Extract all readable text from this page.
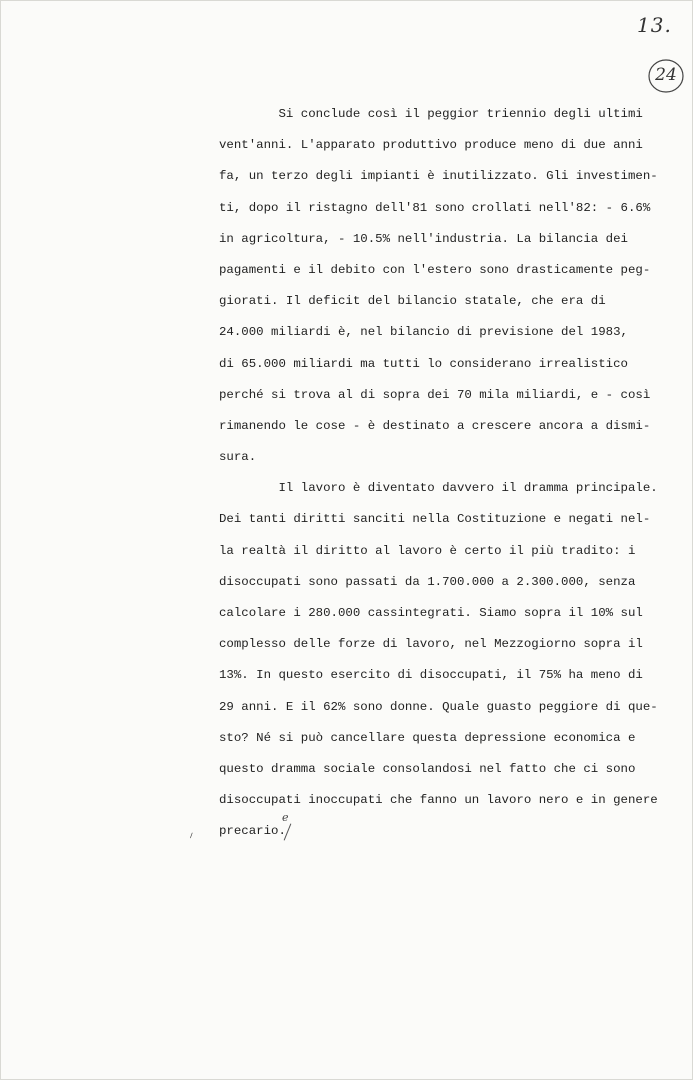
13.
24
Si conclude così il peggior triennio degli ultimi
vent'anni. L'apparato produttivo produce meno di due anni
fa, un terzo degli impianti è inutilizzato. Gli investimen-
ti, dopo il ristagno dell'81 sono crollati nell'82: - 6.6%
in agricoltura, - 10.5% nell'industria. La bilancia dei
pagamenti e il debito con l'estero sono drasticamente peg-
giorati. Il deficit del bilancio statale, che era di
24.000 miliardi è, nel bilancio di previsione del 1983,
di 65.000 miliardi ma tutti lo considerano irrealistico
perché si trova al di sopra dei 70 mila miliardi, e - così
rimanendo le cose - è destinato a crescere ancora a dismi-
sura.
Il lavoro è diventato davvero il dramma principale.
Dei tanti diritti sanciti nella Costituzione e negati nel-
la realtà il diritto al lavoro è certo il più tradito: i
disoccupati sono passati da 1.700.000 a 2.300.000, senza
calcolare i 280.000 cassintegrati. Siamo sopra il 10% sul
complesso delle forze di lavoro, nel Mezzogiorno sopra il
13%. In questo esercito di disoccupati, il 75% ha meno di
29 anni. E il 62% sono donne. Quale guasto peggiore di que-
sto? Né si può cancellare questa depressione economica e
questo dramma sociale consolandosi nel fatto che ci sono
disoccupati inoccupati che fanno un lavoro nero e in genere
precario.
e
⸝
